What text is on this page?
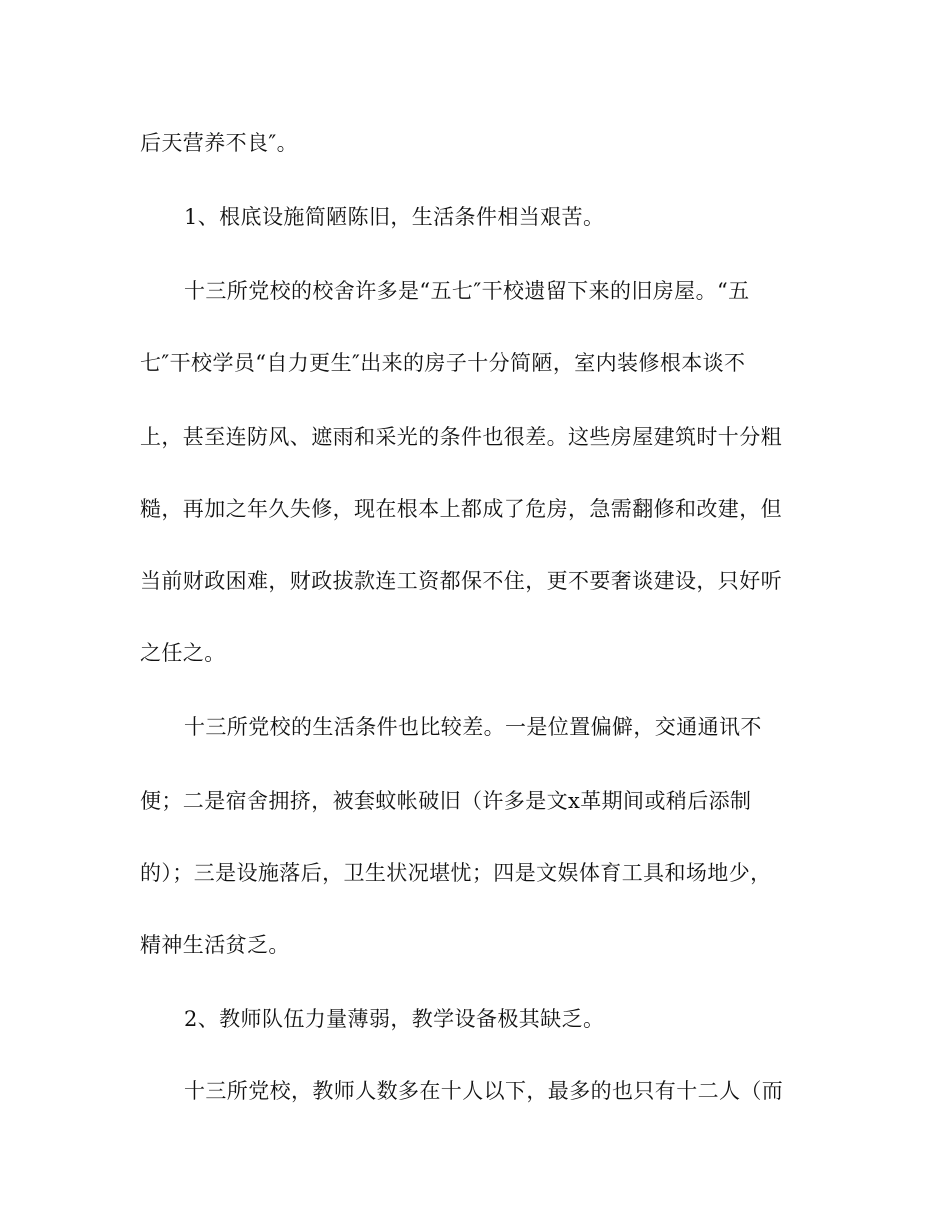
后天营养不良″。
1、根底设施简陋陈旧，生活条件相当艰苦。
十三所党校的校舍许多是“五七″干校遗留下来的旧房屋。“五
七″干校学员“自力更生″出来的房子十分简陋，室内装修根本谈不
上，甚至连防风、遮雨和采光的条件也很差。这些房屋建筑时十分粗
糙，再加之年久失修，现在根本上都成了危房，急需翻修和改建，但
当前财政困难，财政拔款连工资都保不住，更不要奢谈建设，只好听
之任之。
十三所党校的生活条件也比较差。一是位置偏僻，交通通讯不
便；二是宿舍拥挤，被套蚊帐破旧（许多是文x革期间或稍后添制
的）；三是设施落后，卫生状况堪忧；四是文娱体育工具和场地少，
精神生活贫乏。
2、教师队伍力量薄弱，教学设备极其缺乏。
十三所党校，教师人数多在十人以下，最多的也只有十二人（而
